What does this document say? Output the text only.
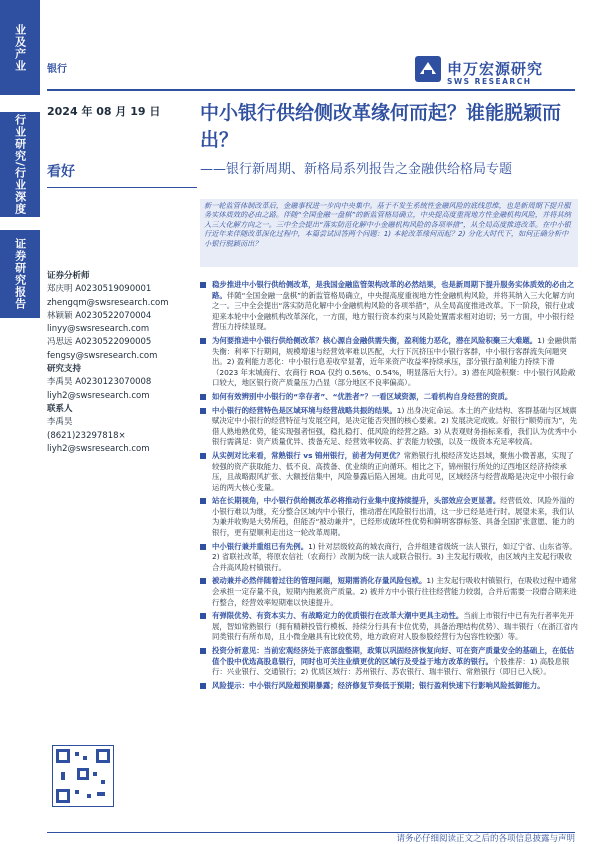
业及产业
行业研究/行业深度
证券研究报告
银行	申万宏源研究
SWS RESEARCH
2024 年 08 月 19 日
看好
中小银行供给侧改革缘何而起？谁能脱颖而出？
——银行新周期、新格局系列报告之金融供给格局专题
新一轮监管体制改革后，金融事权进一步向中央集中。基于不发生系统性金融风险的底线思维，也是新周期下提升服务实体质效的必由之路。伴随“全国金融一盘棋”的新监管格局确立，中央提高度重视地方性金融机构风险，并将其纳入三大化解方向之一。三中全会提出“落实防范化解中小金融机构风险的各项举措”，从全局高度推进改革。在中小银行近年来伴随改革深化过程中，本篇尝试回答两个问题：1) 本轮改革缘何而起？2) 分化大时代下，如何正确分析中小银行脱颖而出？
证券分析师
郑庆明 A0230519090001
zhengqm@swsresearch.com
林颖颖 A0230522070004
linyy@swsresearch.com
冯思远 A0230522090005
fengsy@swsresearch.com
研究支持
李禹昊 A0230123070008
liyh2@swsresearch.com
联系人
李禹昊
(8621)23297818×
liyh2@swsresearch.com
稳步推进中小银行供给侧改革，是我国金融监管架构改革的必然结果，也是新周期下提升服务实体质效的必由之路。伴随“全国金融一盘棋”的新监管格局确立，中央提高度重视地方性金融机构风险，并将其纳入三大化解方向之一。三中全会提出“落实防范化解中小金融机构风险的各项举措”，从全局高度推进改革。下一阶段，银行业或迎来本轮中小金融机构改革深化，一方面，地方银行资本约束与风险处置需求相对迫切；另一方面，中小银行经营压力持续显现。
为何要推进中小银行供给侧改革？核心源自金融供需失衡，盈利能力恶化，潜在风险积聚三大难题。1) 金融供需失衡：利率下行期间，规模增速与经营效率难以匹配，大行下沉挤压中小银行客群，中小银行客群流失问题突出。2) 盈利能力恶化：中小银行息差收窄显著，近年来资产收益率持续承压，部分银行盈利能力持续下滑（2023 年末城商行、农商行 ROA 仅约 0.56%、0.54%，明显落后大行）。3) 潜在风险积聚：中小银行风险敞口较大，地区银行资产质量压力凸显（部分地区不良率偏高）。
如何有效辨别中小银行的“幸存者”、“优胜者”？一看区域资源，二看机构自身经营的资质。
中小银行的经营特色是区域环境与经营战略共振的结果。1) 出身决定命运。本土的产业结构、客群基础与区域禀赋决定中小银行的经营特征与发展空间，是决定能否突围的核心要素。2) 发展决定成败。好银行“顺势而为”，先借人熟地熟优势，能实现强者恒强，稳扎稳打、低风险的经营之路。3) 从表观财务指标来看，我们认为优秀中小银行需满足：资产质量优异、拨备充足、经营效率较高、扩表能力较强，以及一级资本充足率较高。
从实例对比来看，常熟银行 vs 锦州银行，前者为何更优？常熟银行扎根经济发达县域，聚焦小微普惠，实现了较强的资产获取能力、低不良、高拨备、优业绩的正向循环。相比之下，锦州银行所处的辽西地区经济持续承压，且战略跟风扩张、大额授信集中，风险暴露后陷入困境。由此可见，区域经济与经营战略是决定中小银行命运的两大核心变量。
站在长期视角，中小银行供给侧改革必将推动行业集中度持续提升，头部效应会更显著。经营低效、风险外溢的小银行难以为继，充分整合区域内中小银行，推动潜在风险银行出清，这一步已经是进行时。展望未来，我们认为兼并收购是大势所趋，但能否“被动兼并”，已经形成破坏性优势和鲜明客群标签、具备全国扩张意愿、能力的银行，更有望顺利走出这一轮改革周期。
中小银行兼并重组已有先例。1) 针对层级较高的城农商行，合并组建省级统一法人银行，如辽宁省、山东省等。2) 省联社改革，将原农信社（农商行）改制为统一法人或联合银行。3) 主发起行吸收，由区域内主发起行吸收合并高风险村镇银行。
被动兼并必然伴随着过往的管理问题，短期需消化存量风险包袱。1) 主发起行吸收村镇银行，在吸收过程中通常会承担一定存量不良，短期内拖累资产质量。2) 被并方中小银行往往经营能力较弱，合并后需要一段磨合期来进行整合，经营效率短期难以快速提升。
有弹限优势、有资本实力、有战略定力的优质银行在改革大潮中更具主动性。当前上市银行中已有先行者率先开展，智如常熟银行（拥有精耕投管行模板、持续分行具有卡位优势，具备治理结构优势）、瑞丰银行（在浙江省内同类银行有所布局，且小微金融具有比较优势，地方政府对人股参股经营行为包容性较强）等。
投资分析意见：当前宏观经济处于底部盘整期，政策以巩固经济恢复向好、可在资产质量安全的基础上，在低估值个股中优选高股息银行，同时也可关注业绩更优的区域行及受益于地方改革的银行。个股推荐：1) 高股息银行：兴业银行、交通银行；2) 优质区域行：苏州银行、苏农银行、瑞丰银行、常熟银行（即日已入统）。
风险提示：中小银行风险超预期暴露；经济修复节奏低于预期；银行盈利快速下行影响风险抵御能力。
请务必仔细阅读正文之后的各项信息披露与声明
